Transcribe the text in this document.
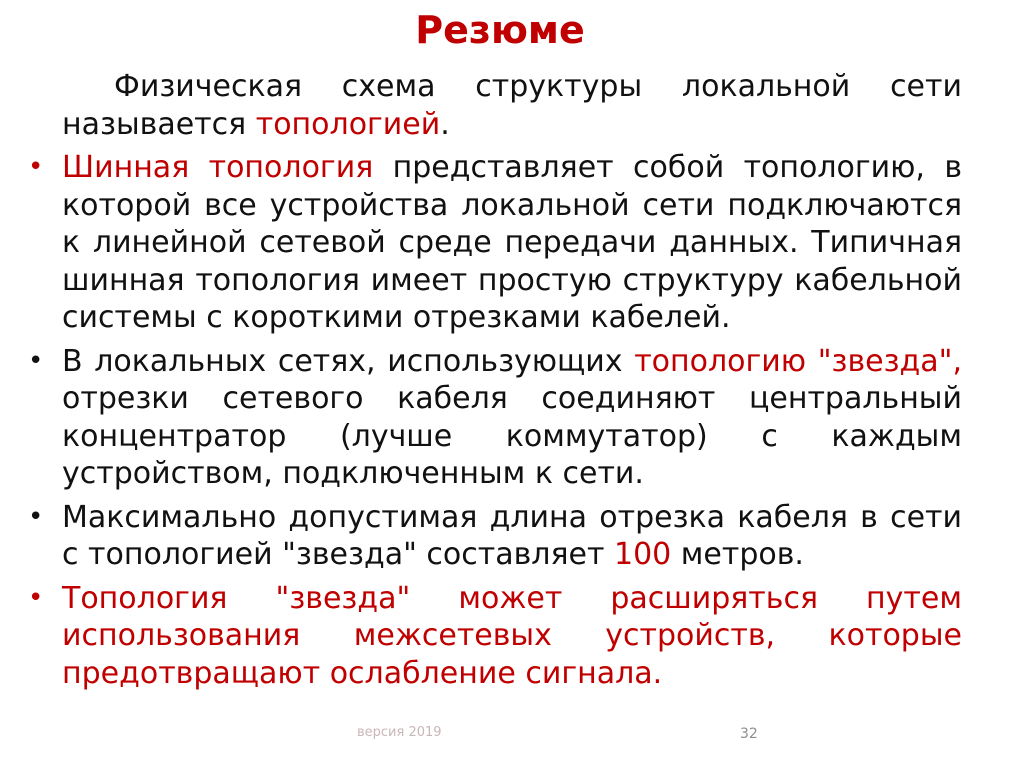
Резюме

Физическая схема структуры локальной сети называется топологией.

• Шинная топология представляет собой топологию, в которой все устройства локальной сети подключаются к линейной сетевой среде передачи данных. Типичная шинная топология имеет простую структуру кабельной системы с короткими отрезками кабелей.

• В локальных сетях, использующих топологию "звезда", отрезки сетевого кабеля соединяют центральный концентратор (лучше коммутатор) с каждым устройством, подключенным к сети.

• Максимально допустимая длина отрезка кабеля в сети с топологией "звезда" составляет 100 метров.

• Топология "звезда" может расширяться путем использования межсетевых устройств, которые предотвращают ослабление сигнала.

версия 2019	32
